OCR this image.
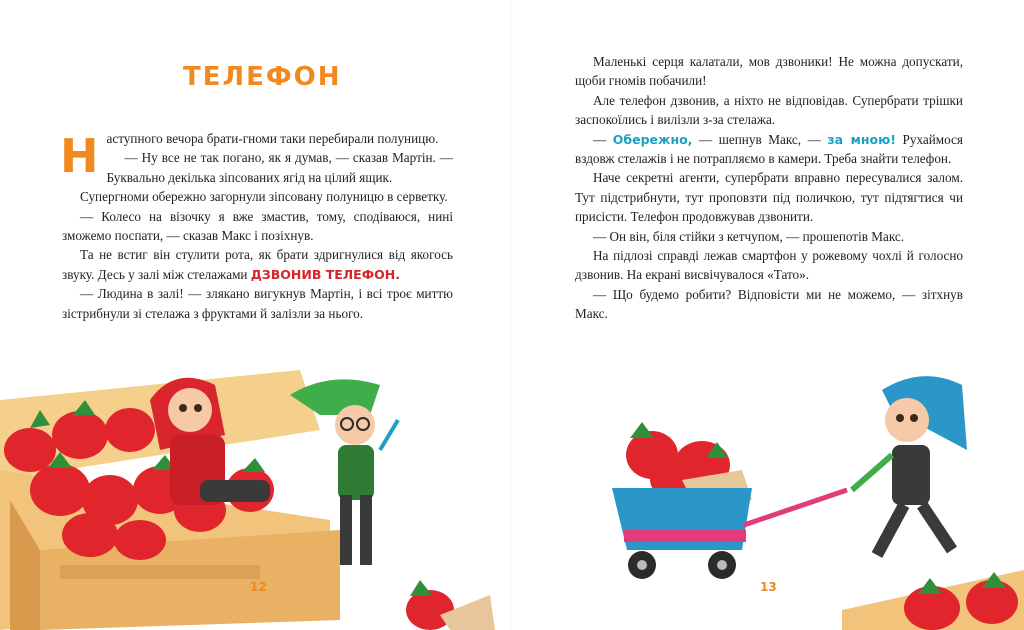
ТЕЛЕФОН

Наступного вечора брати-гноми таки перебирали полуницю.

— Ну все не так погано, як я думав, — сказав Мартін. — Буквально декілька зіпсованих ягід на цілий ящик.

Супергноми обережно загорнули зіпсовану полуницю в серветку.

— Колесо на візочку я вже змастив, тому, сподіваюся, нині зможемо поспати, — сказав Макс і позіхнув.

Та не встиг він стулити рота, як брати здригнулися від якогось звуку. Десь у залі між стелажами ДЗВОНИВ ТЕЛЕФОН.

— Людина в залі! — злякано вигукнув Мартін, і всі троє миттю зістрибнули зі стелажа з фруктами й залізли за нього.

12

Маленькі серця калатали, мов дзвоники! Не можна допускати, щоби гномів побачили!

Але телефон дзвонив, а ніхто не відповідав. Супербрати трішки заспокоїлись і вилізли з-за стелажа.

— Обережно, — шепнув Макс, — за мною! Рухаймося вздовж стелажів і не потрапляємо в камери. Треба знайти телефон.

Наче секретні агенти, супербрати вправно пересувалися залом. Тут підстрибнути, тут проповзти під поличкою, тут підтягтися чи присісти. Телефон продовжував дзвонити.

— Он він, біля стійки з кетчупом, — прошепотів Макс.

На підлозі справді лежав смартфон у рожевому чохлі й голосно дзвонив. На екрані висвічувалося «Тато».

— Що будемо робити? Відповісти ми не можемо, — зітхнув Макс.

13
